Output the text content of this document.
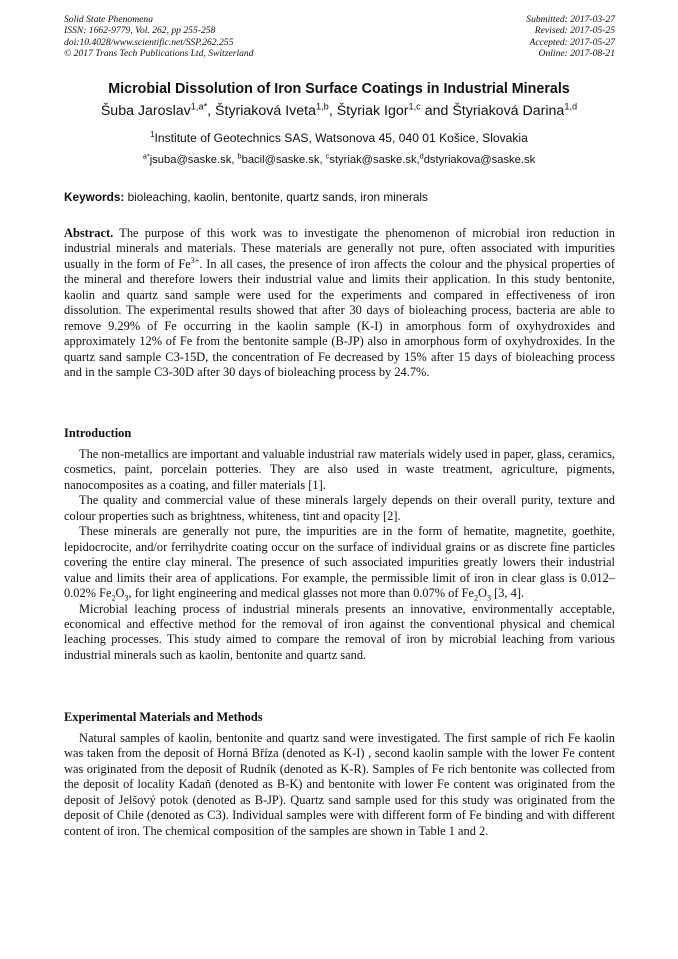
Solid State Phenomena
ISSN: 1662-9779, Vol. 262, pp 255-258
doi:10.4028/www.scientific.net/SSP.262.255
© 2017 Trans Tech Publications Ltd, Switzerland
Submitted: 2017-03-27
Revised: 2017-05-25
Accepted: 2017-05-27
Online: 2017-08-21
Microbial Dissolution of Iron Surface Coatings in Industrial Minerals
Šuba Jaroslav$^{1,a*}$, Štyriaková Iveta$^{1,b}$, Štyriak Igor$^{1,c}$ and Štyriaková Darina$^{1,d}$
$^1$Institute of Geotechnics SAS, Watsonova 45, 040 01 Košice, Slovakia
$^{a*}$jsuba@saske.sk, $^b$bacil@saske.sk, $^c$styriak@saske.sk,$^d$dstyriakova@saske.sk
Keywords: bioleaching, kaolin, bentonite, quartz sands, iron minerals

Abstract. The purpose of this work was to investigate the phenomenon of microbial iron reduction in industrial minerals and materials. These materials are generally not pure, often associated with impurities usually in the form of $Fe^{3+}$. In all cases, the presence of iron affects the colour and the physical properties of the mineral and therefore lowers their industrial value and limits their application. In this study bentonite, kaolin and quartz sand sample were used for the experiments and compared in effectiveness of iron dissolution. The experimental results showed that after 30 days of bioleaching process, bacteria are able to remove 9.29% of Fe occurring in the kaolin sample (K-I) in amorphous form of oxyhydroxides and approximately 12% of Fe from the bentonite sample (B-JP) also in amorphous form of oxyhydroxides. In the quartz sand sample C3-15D, the concentration of Fe decreased by 15% after 15 days of bioleaching process and in the sample C3-30D after 30 days of bioleaching process by 24.7%.

Introduction

The non-metallics are important and valuable industrial raw materials widely used in paper, glass, ceramics, cosmetics, paint, porcelain potteries. They are also used in waste treatment, agriculture, pigments, nanocomposites as a coating, and filler materials [1].

The quality and commercial value of these minerals largely depends on their overall purity, texture and colour properties such as brightness, whiteness, tint and opacity [2].

These minerals are generally not pure, the impurities are in the form of hematite, magnetite, goethite, lepidocrocite, and/or ferrihydrite coating occur on the surface of individual grains or as discrete fine particles covering the entire clay mineral. The presence of such associated impurities greatly lowers their industrial value and limits their area of applications. For example, the permissible limit of iron in clear glass is 0.012–0.02% $Fe_2O_3$, for light engineering and medical glasses not more than 0.07% of $Fe_2O_3$ [3, 4].

Microbial leaching process of industrial minerals presents an innovative, environmentally acceptable, economical and effective method for the removal of iron against the conventional physical and chemical leaching processes. This study aimed to compare the removal of iron by microbial leaching from various industrial minerals such as kaolin, bentonite and quartz sand.

Experimental Materials and Methods

Natural samples of kaolin, bentonite and quartz sand were investigated. The first sample of rich Fe kaolin was taken from the deposit of Horná Bříza (denoted as K-I) , second kaolin sample with the lower Fe content was originated from the deposit of Rudník (denoted as K-R). Samples of Fe rich bentonite was collected from the deposit of locality Kadaň (denoted as B-K) and bentonite with lower Fe content was originated from the deposit of Jelšový potok (denoted as B-JP). Quartz sand sample used for this study was originated from the deposit of Chile (denoted as C3). Individual samples were with different form of Fe binding and with different content of iron. The chemical composition of the samples are shown in Table 1 and 2.
